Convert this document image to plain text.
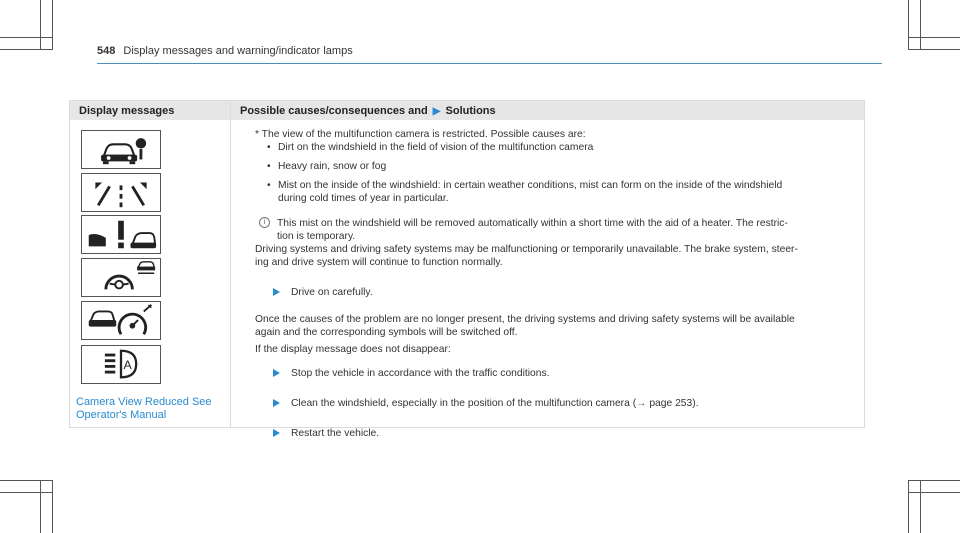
548 Display messages and warning/indicator lamps
Display messages	Possible causes/consequences and ▶ Solutions
A
Camera View Reduced See
Operator's Manual

* The view of the multifunction camera is restricted. Possible causes are:

• Dirt on the windshield in the field of vision of the multifunction camera
• Heavy rain, snow or fog
• Mist on the inside of the windshield: in certain weather conditions, mist can form on the inside of the windshield
during cold times of year in particular.
i	This mist on the windshield will be removed automatically within a short time with the aid of a heater. The restric-
tion is temporary.

Driving systems and driving safety systems may be malfunctioning or temporarily unavailable. The brake system, steer-
ing and drive system will continue to function normally.

Drive on carefully.

Once the causes of the problem are no longer present, the driving systems and driving safety systems will be available
again and the corresponding symbols will be switched off.

If the display message does not disappear:

Stop the vehicle in accordance with the traffic conditions.
Clean the windshield, especially in the position of the multifunction camera (→ page 253).
Restart the vehicle.
